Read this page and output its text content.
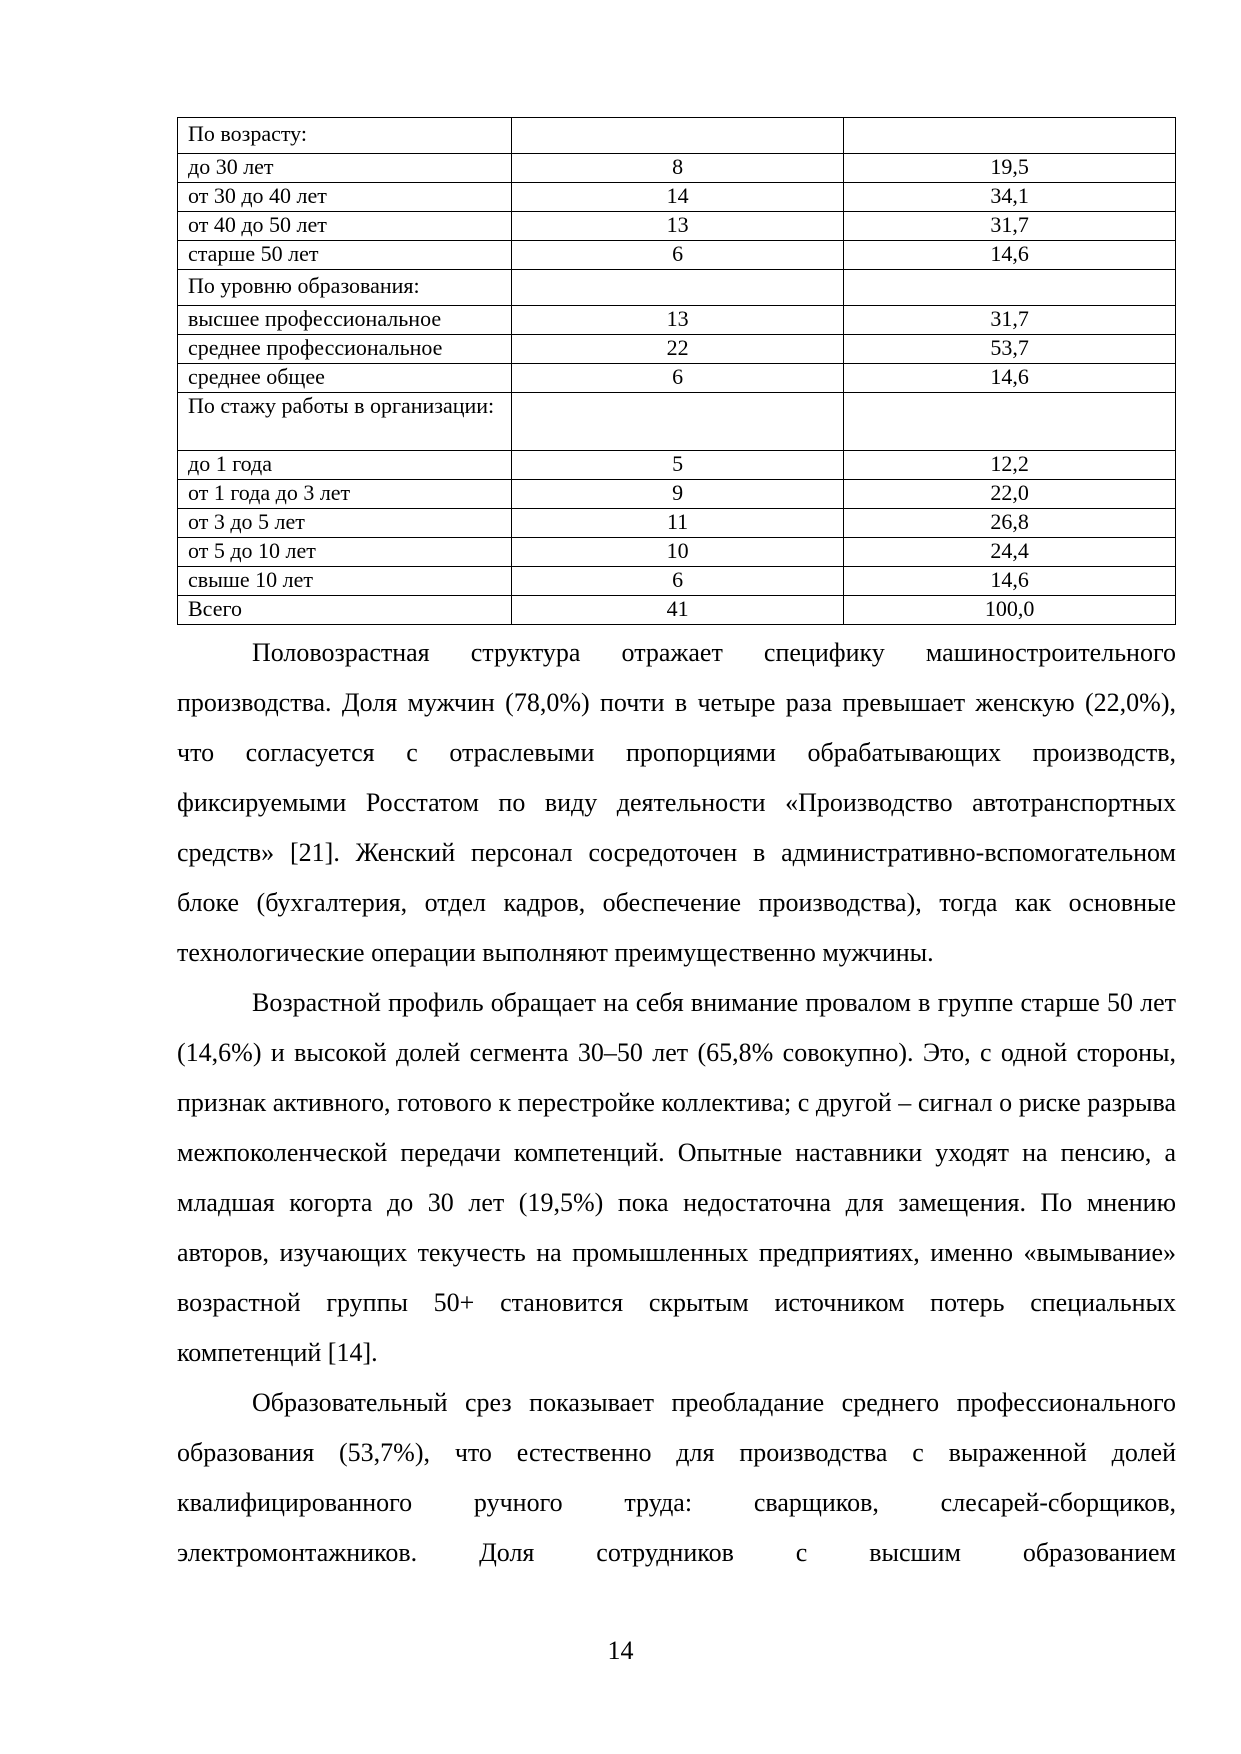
По возрасту:		
до 30 лет	8	19,5
от 30 до 40 лет	14	34,1
от 40 до 50 лет	13	31,7
старше 50 лет	6	14,6
По уровню образования:		
высшее профессиональное	13	31,7
среднее профессиональное	22	53,7
среднее общее	6	14,6
По стажу работы в организации:		
до 1 года	5	12,2
от 1 года до 3 лет	9	22,0
от 3 до 5 лет	11	26,8
от 5 до 10 лет	10	24,4
свыше 10 лет	6	14,6
Всего	41	100,0

Половозрастная структура отражает специфику машиностроительного производства. Доля мужчин (78,0%) почти в четыре раза превышает женскую (22,0%), что согласуется с отраслевыми пропорциями обрабатывающих производств, фиксируемыми Росстатом по виду деятельности «Производство автотранспортных средств» [21]. Женский персонал сосредоточен в административно-вспомогательном блоке (бухгалтерия, отдел кадров, обеспечение производства), тогда как основные технологические операции выполняют преимущественно мужчины.

Возрастной профиль обращает на себя внимание провалом в группе старше 50 лет (14,6%) и высокой долей сегмента 30–50 лет (65,8% совокупно). Это, с одной стороны, признак активного, готового к перестройке коллектива; с другой – сигнал о риске разрыва межпоколенческой передачи компетенций. Опытные наставники уходят на пенсию, а младшая когорта до 30 лет (19,5%) пока недостаточна для замещения. По мнению авторов, изучающих текучесть на промышленных предприятиях, именно «вымывание» возрастной группы 50+ становится скрытым источником потерь специальных компетенций [14].

Образовательный срез показывает преобладание среднего профессионального образования (53,7%), что естественно для производства с выраженной долей квалифицированного ручного труда: сварщиков, слесарей-сборщиков, электромонтажников. Доля сотрудников с высшим образованием

14
